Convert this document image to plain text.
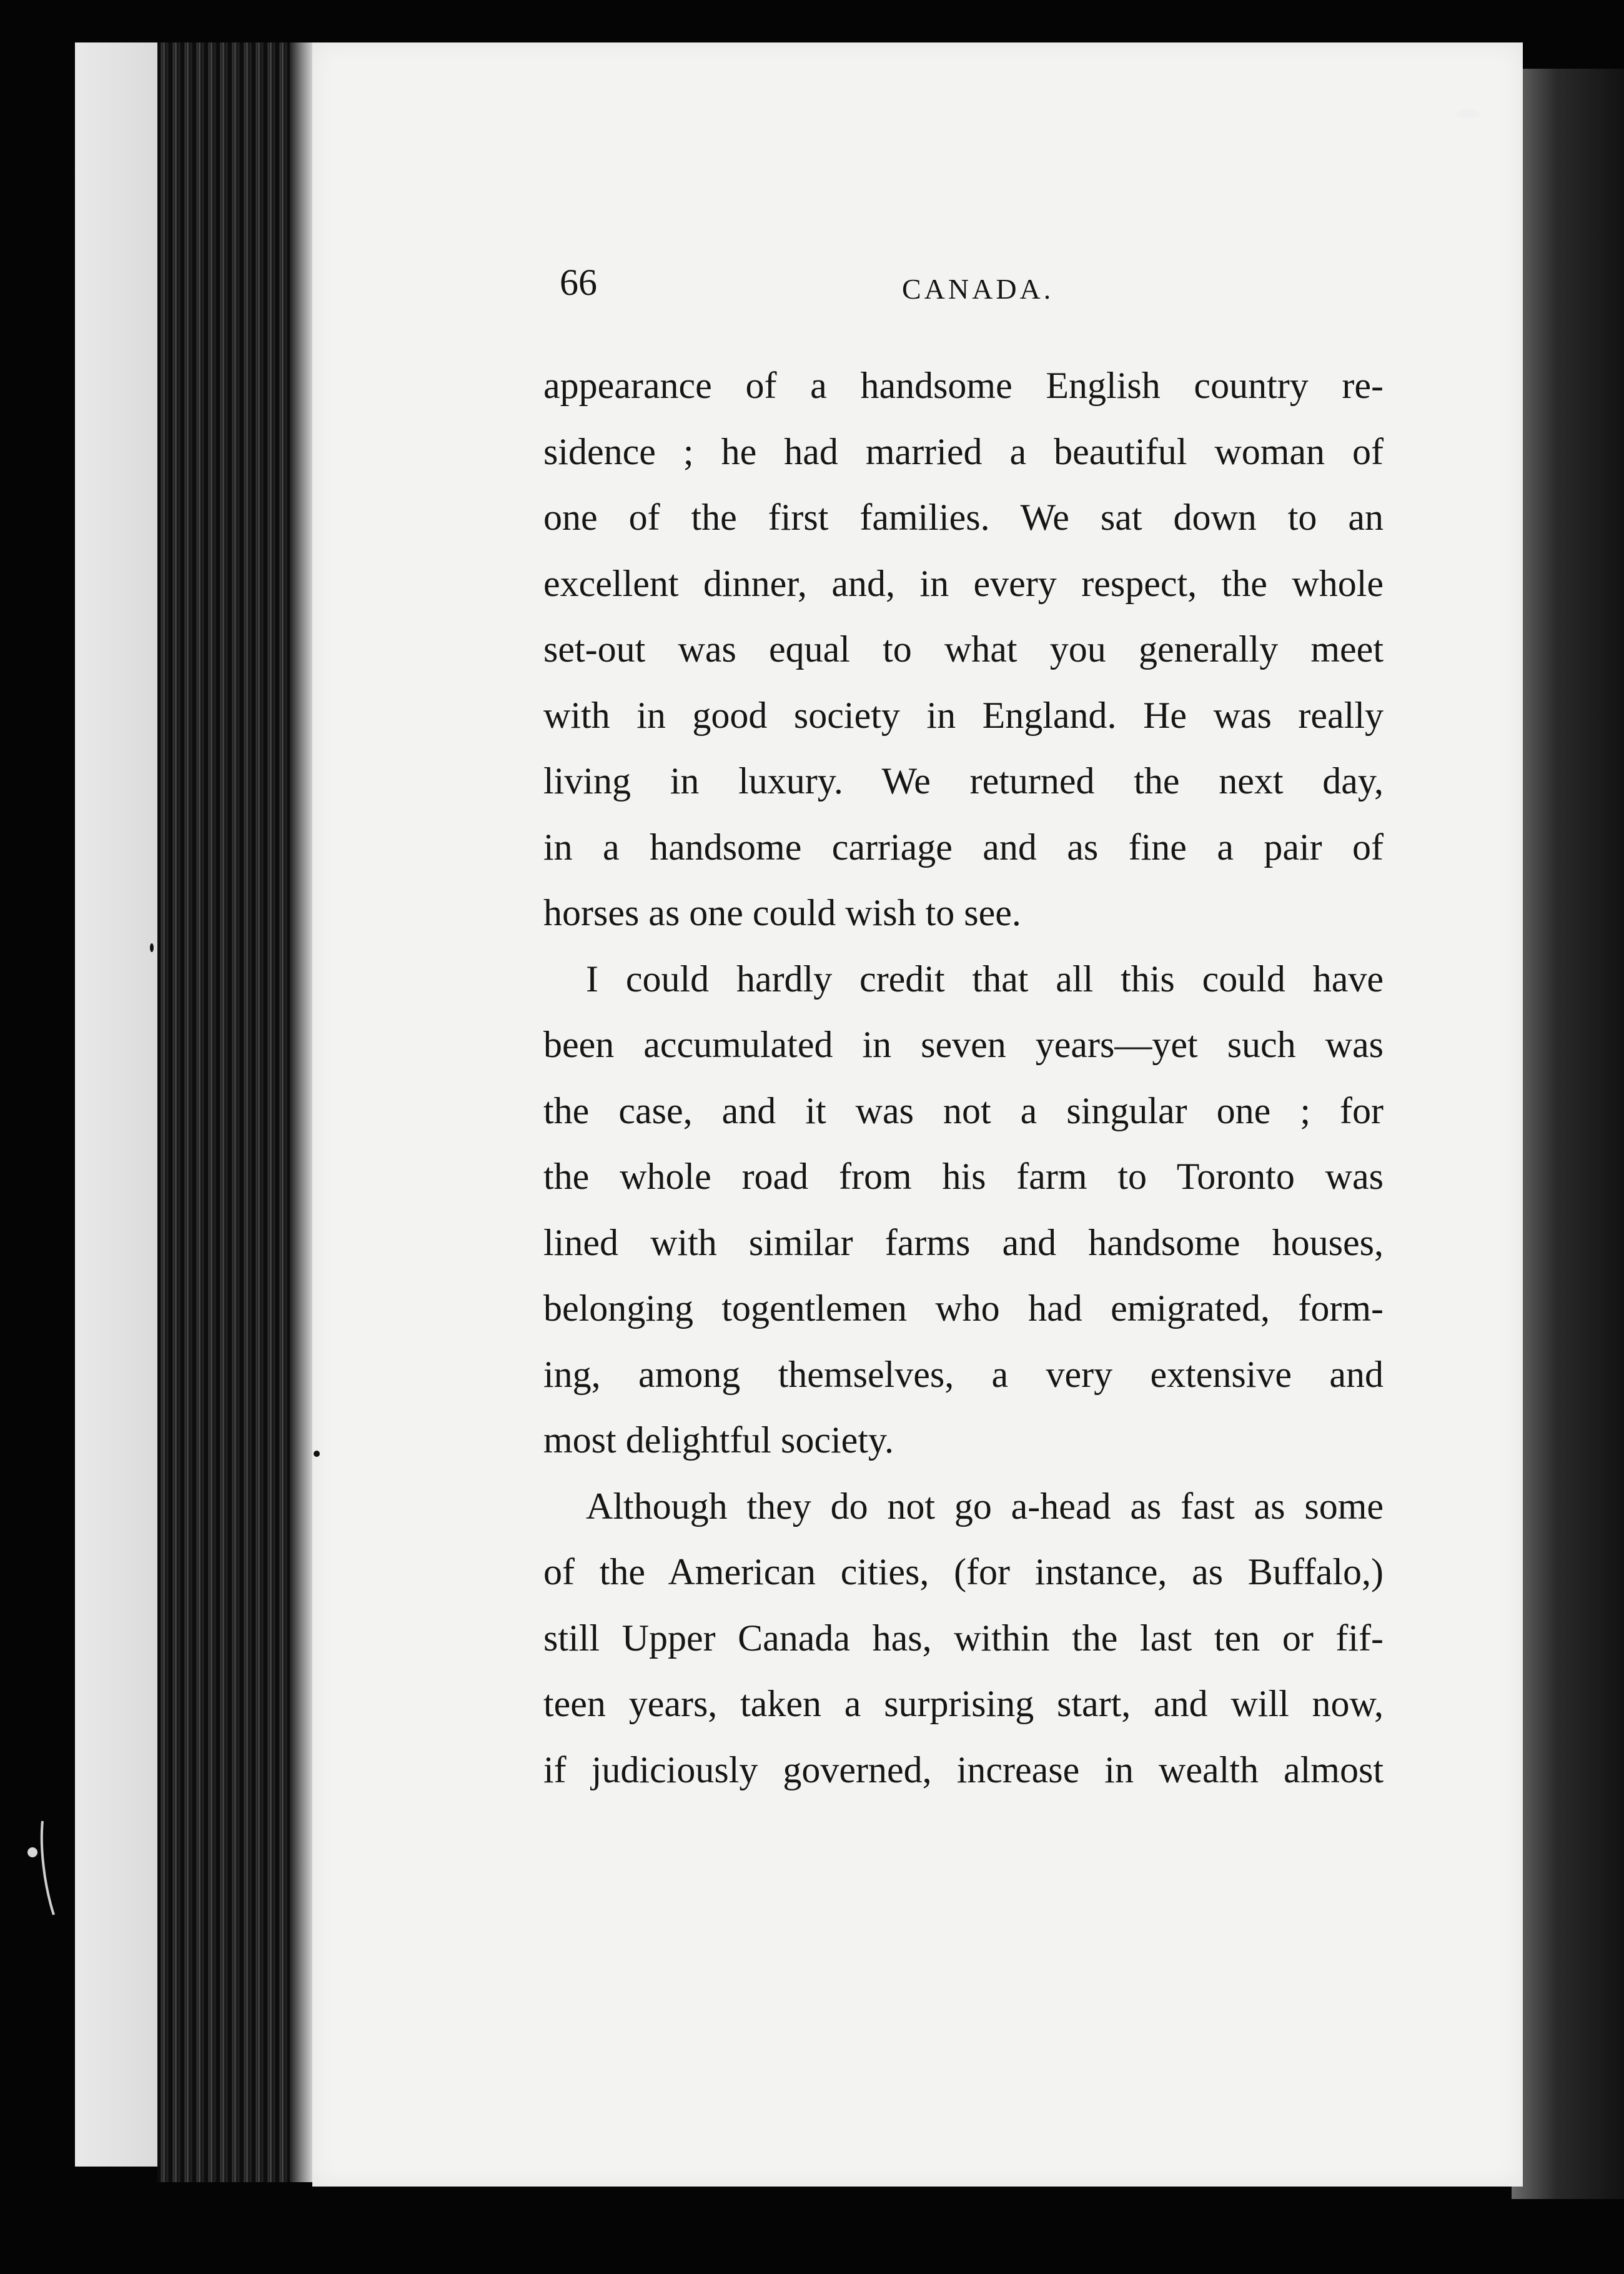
66	CANADA.
appearance of a handsome English country re-
sidence ; he had married a beautiful woman of
one of the first families. We sat down to an
excellent dinner, and, in every respect, the whole
set-out was equal to what you generally meet
with in good society in England. He was really
living in luxury. We returned the next day,
in a handsome carriage and as fine a pair of
horses as one could wish to see.
I could hardly credit that all this could have
been accumulated in seven years—yet such was
the case, and it was not a singular one ; for
the whole road from his farm to Toronto was
lined with similar farms and handsome houses,
belonging togentlemen who had emigrated, form-
ing, among themselves, a very extensive and
most delightful society.
Although they do not go a-head as fast as some
of the American cities, (for instance, as Buffalo,)
still Upper Canada has, within the last ten or fif-
teen years, taken a surprising start, and will now,
if judiciously governed, increase in wealth almost
